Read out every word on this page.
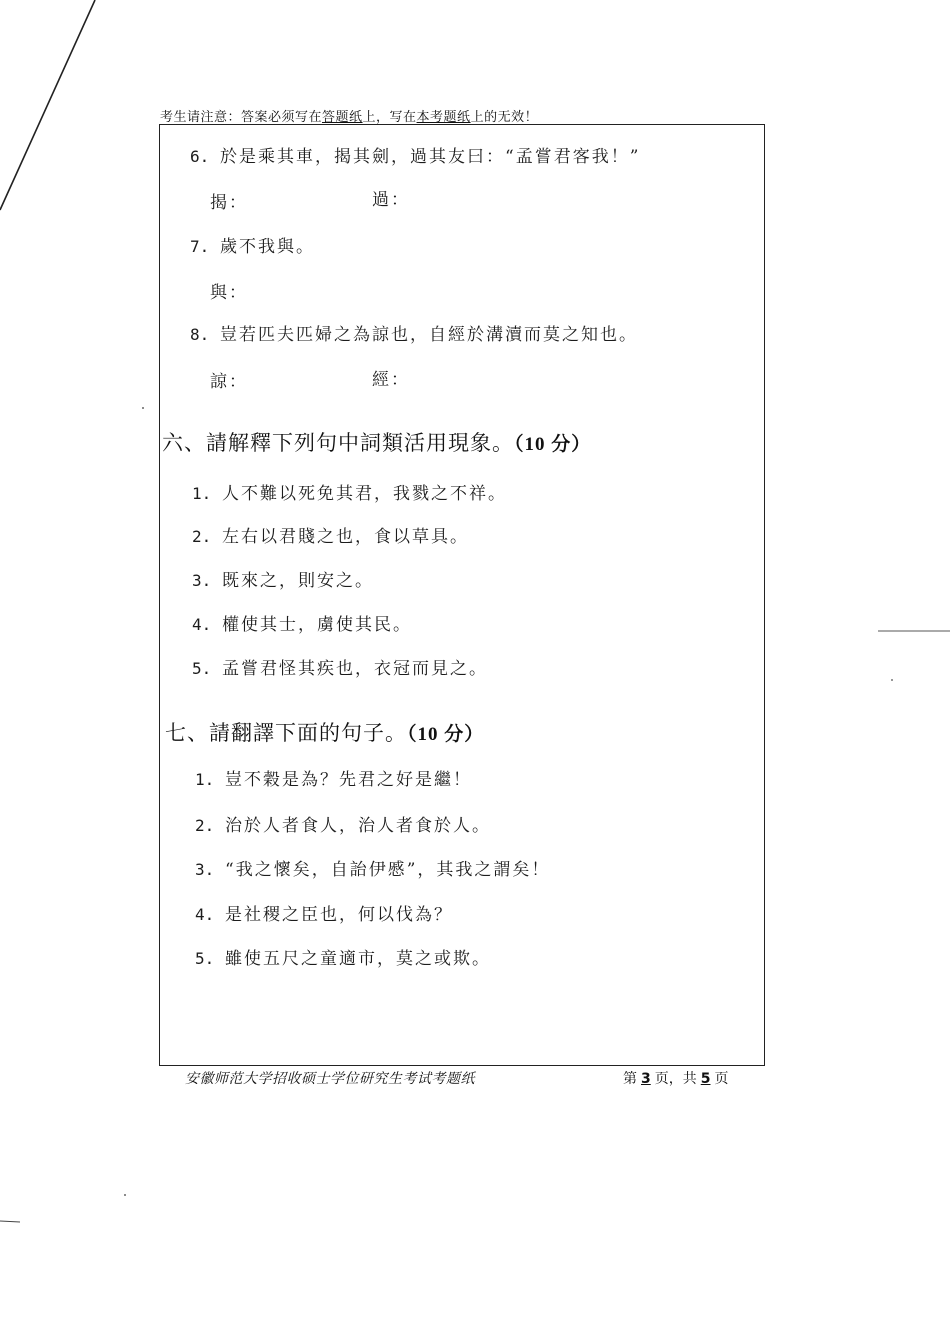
考生请注意：答案必须写在答题纸上，写在本考题纸上的无效！
6. 於是乘其車，揭其劍，過其友曰：“孟嘗君客我！”
揭：	過：
7. 歲不我與。
與：
8. 豈若匹夫匹婦之為諒也，自經於溝瀆而莫之知也。
諒：	經：
六、請解釋下列句中詞類活用現象。（10 分）
1. 人不難以死免其君，我戮之不祥。
2. 左右以君賤之也，食以草具。
3. 既來之，則安之。
4. 權使其士，虜使其民。
5. 孟嘗君怪其疾也，衣冠而見之。
七、請翻譯下面的句子。（10 分）
1. 豈不穀是為？先君之好是繼！
2. 治於人者食人，治人者食於人。
3. “我之懷矣，自詒伊慼”，其我之謂矣！
4. 是社稷之臣也，何以伐為？
5. 雖使五尺之童適市，莫之或欺。
安徽师范大学招收硕士学位研究生考试考题纸	第 3 页，共 5 页
